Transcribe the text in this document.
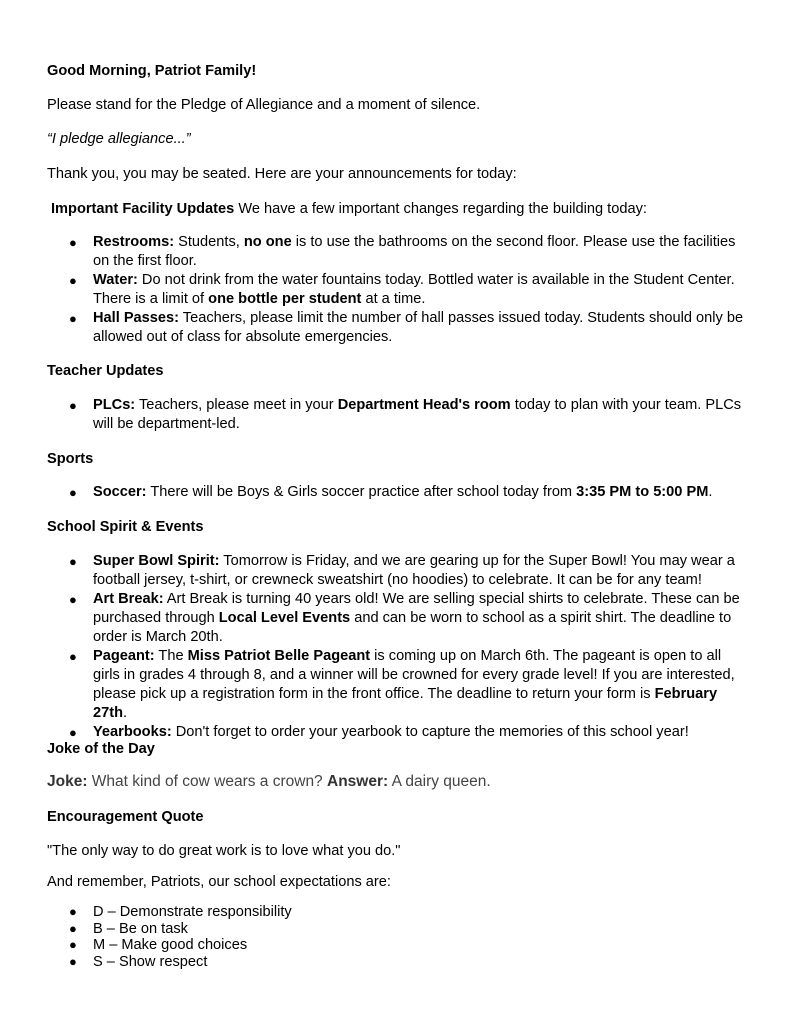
Good Morning, Patriot Family!
Please stand for the Pledge of Allegiance and a moment of silence.
“I pledge allegiance...”
Thank you, you may be seated. Here are your announcements for today:
Important Facility Updates We have a few important changes regarding the building today:
● Restrooms: Students, no one is to use the bathrooms on the second floor. Please use the facilities on the first floor.
● Water: Do not drink from the water fountains today. Bottled water is available in the Student Center. There is a limit of one bottle per student at a time.
● Hall Passes: Teachers, please limit the number of hall passes issued today. Students should only be allowed out of class for absolute emergencies.
Teacher Updates
● PLCs: Teachers, please meet in your Department Head's room today to plan with your team. PLCs will be department-led.
Sports
● Soccer: There will be Boys & Girls soccer practice after school today from 3:35 PM to 5:00 PM.
School Spirit & Events
● Super Bowl Spirit: Tomorrow is Friday, and we are gearing up for the Super Bowl! You may wear a football jersey, t-shirt, or crewneck sweatshirt (no hoodies) to celebrate. It can be for any team!
● Art Break: Art Break is turning 40 years old! We are selling special shirts to celebrate. These can be purchased through Local Level Events and can be worn to school as a spirit shirt. The deadline to order is March 20th.
● Pageant: The Miss Patriot Belle Pageant is coming up on March 6th. The pageant is open to all girls in grades 4 through 8, and a winner will be crowned for every grade level! If you are interested, please pick up a registration form in the front office. The deadline to return your form is February 27th.
● Yearbooks: Don't forget to order your yearbook to capture the memories of this school year!
Joke of the Day
Joke: What kind of cow wears a crown? Answer: A dairy queen.
Encouragement Quote
"The only way to do great work is to love what you do."
And remember, Patriots, our school expectations are:
● D – Demonstrate responsibility
● B – Be on task
● M – Make good choices
● S – Show respect
